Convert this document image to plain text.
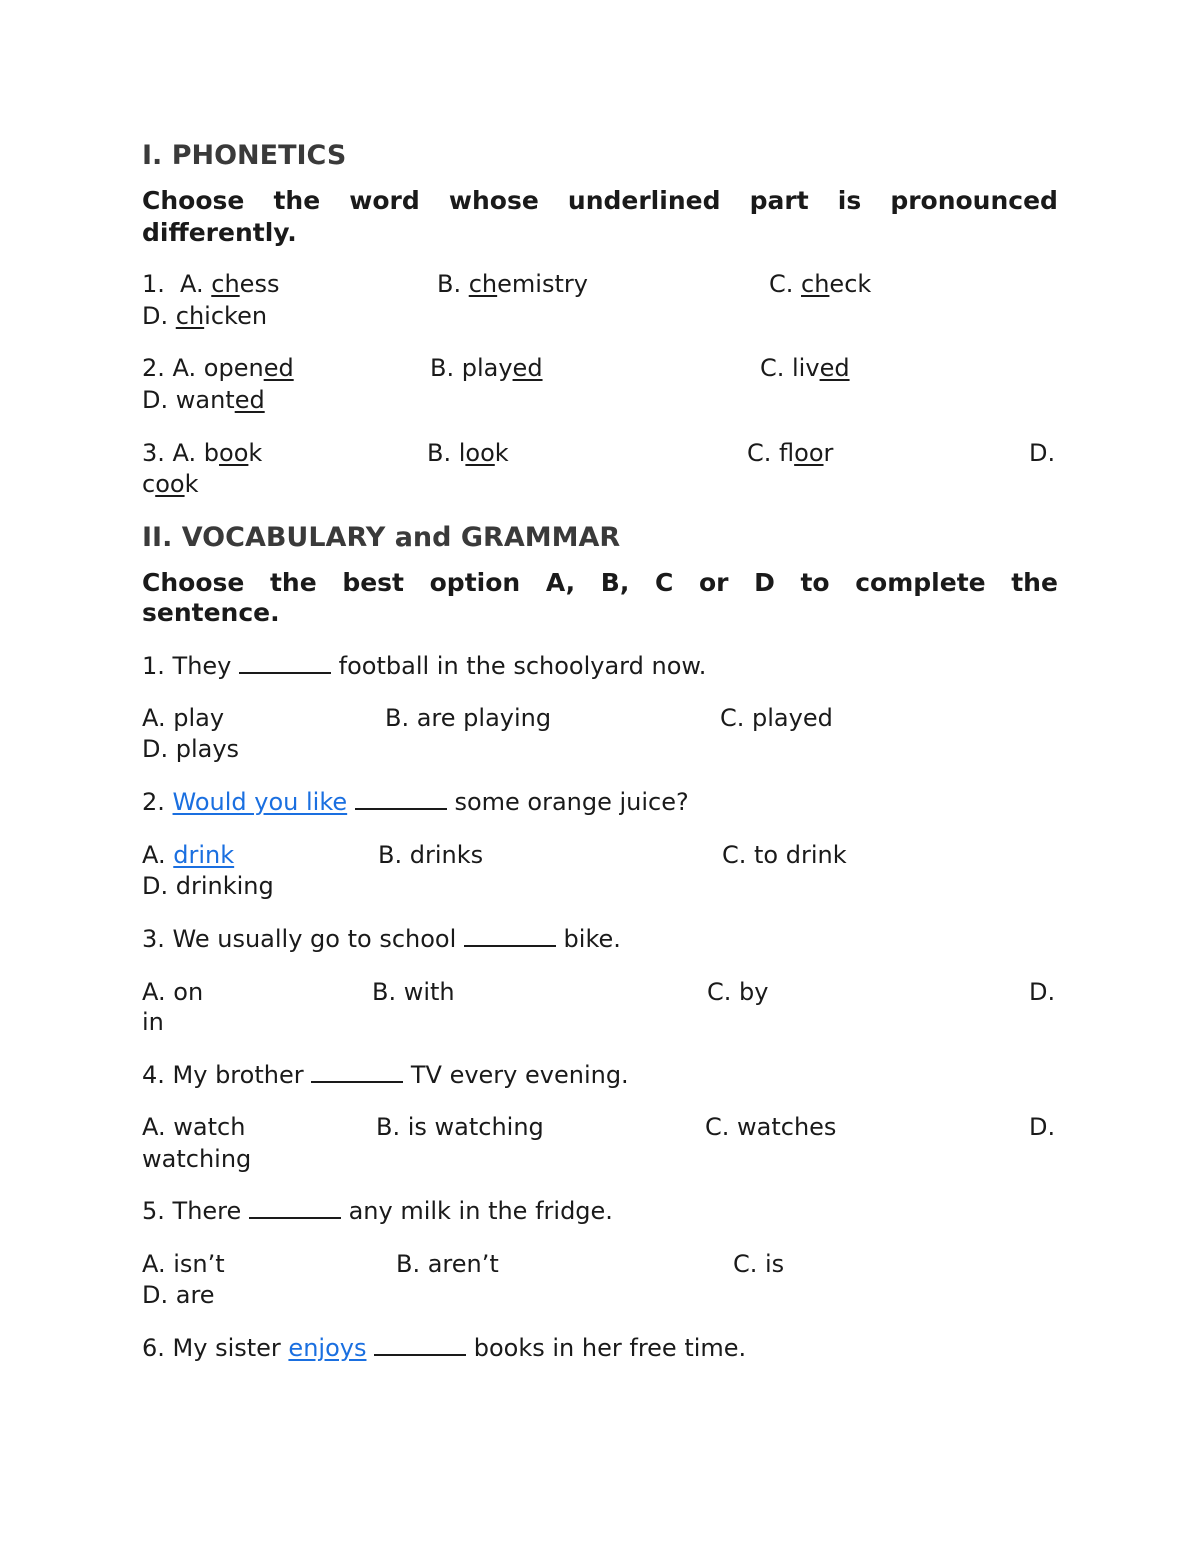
I. PHONETICS
Choose the word whose underlined part is pronounced
differently.
1. A. chess	B. chemistry	C. check
D. chicken
2. A. opened	B. played	C. lived
D. wanted
3. A. book	B. look	C. floor	D.
cook
II. VOCABULARY and GRAMMAR
Choose the best option A, B, C or D to complete the
sentence.
1. They	football in the schoolyard now.
A. play	B. are playing	C. played
D. plays
2. Would you like	some orange juice?
A. drink	B. drinks	C. to drink
D. drinking
3. We usually go to school	bike.
A. on	B. with	C. by	D.
in
4. My brother	TV every evening.
A. watch	B. is watching	C. watches	D.
watching
5. There	any milk in the fridge.
A. isn’t	B. aren’t	C. is
D. are
6. My sister enjoys	books in her free time.
